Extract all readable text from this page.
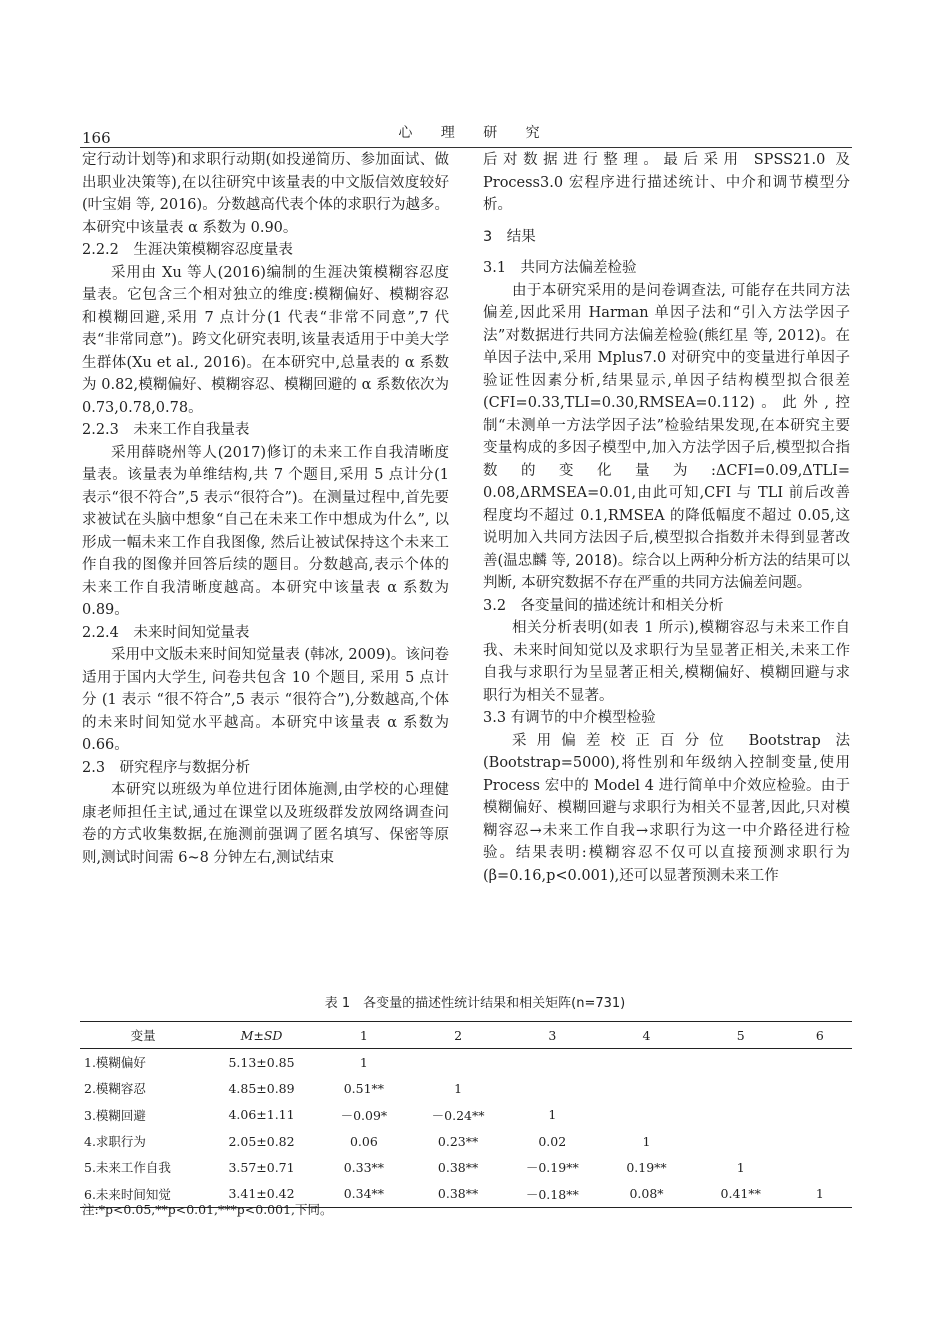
166	心 理 研 究

定行动计划等)和求职行动期(如投递简历、参加面试、做出职业决策等),在以往研究中该量表的中文版信效度较好(叶宝娟 等, 2016)。分数越高代表个体的求职行为越多。本研究中该量表 α 系数为 0.90。

2.2.2　生涯决策模糊容忍度量表

采用由 Xu 等人(2016)编制的生涯决策模糊容忍度量表。它包含三个相对独立的维度:模糊偏好、模糊容忍和模糊回避,采用 7 点计分(1 代表“非常不同意”,7 代表“非常同意”)。跨文化研究表明,该量表适用于中美大学生群体(Xu et al., 2016)。在本研究中,总量表的 α 系数为 0.82,模糊偏好、模糊容忍、模糊回避的 α 系数依次为 0.73,0.78,0.78。

2.2.3　未来工作自我量表

采用薛晓州等人(2017)修订的未来工作自我清晰度量表。该量表为单维结构,共 7 个题目,采用 5 点计分(1 表示“很不符合”,5 表示“很符合”)。在测量过程中,首先要求被试在头脑中想象“自己在未来工作中想成为什么”, 以形成一幅未来工作自我图像, 然后让被试保持这个未来工作自我的图像并回答后续的题目。分数越高,表示个体的未来工作自我清晰度越高。本研究中该量表 α 系数为 0.89。

2.2.4　未来时间知觉量表

采用中文版未来时间知觉量表 (韩冰, 2009)。该问卷适用于国内大学生, 问卷共包含 10 个题目, 采用 5 点计分 (1 表示 “很不符合”,5 表示 “很符合”),分数越高,个体的未来时间知觉水平越高。本研究中该量表 α 系数为 0.66。

2.3　研究程序与数据分析

本研究以班级为单位进行团体施测,由学校的心理健康老师担任主试,通过在课堂以及班级群发放网络调查问卷的方式收集数据,在施测前强调了匿名填写、保密等原则,测试时间需 6~8 分钟左右,测试结束

后对数据进行整理。最后采用 SPSS21.0 及 Process3.0 宏程序进行描述统计、中介和调节模型分析。

3　结果
3.1　共同方法偏差检验

由于本研究采用的是问卷调查法, 可能存在共同方法偏差,因此采用 Harman 单因子法和“引入方法学因子法”对数据进行共同方法偏差检验(熊红星 等, 2012)。在单因子法中,采用 Mplus7.0 对研究中的变量进行单因子验证性因素分析,结果显示,单因子结构模型拟合很差(CFI=0.33,TLI=0.30,RMSEA=0.112)。此外,控制“未测单一方法学因子法”检验结果发现,在本研究主要变量构成的多因子模型中,加入方法学因子后,模型拟合指数的变化量为:ΔCFI=0.09,ΔTLI= 0.08,ΔRMSEA=0.01,由此可知,CFI 与 TLI 前后改善程度均不超过 0.1,RMSEA 的降低幅度不超过 0.05,这说明加入共同方法因子后,模型拟合指数并未得到显著改善(温忠麟 等, 2018)。综合以上两种分析方法的结果可以判断, 本研究数据不存在严重的共同方法偏差问题。

3.2　各变量间的描述统计和相关分析

相关分析表明(如表 1 所示),模糊容忍与未来工作自我、未来时间知觉以及求职行为呈显著正相关,未来工作自我与求职行为呈显著正相关,模糊偏好、模糊回避与求职行为相关不显著。

3.3 有调节的中介模型检验

采用偏差校正百分位 Bootstrap 法 (Bootstrap=5000),将性别和年级纳入控制变量,使用 Process 宏中的 Model 4 进行简单中介效应检验。由于模糊偏好、模糊回避与求职行为相关不显著,因此,只对模糊容忍→未来工作自我→求职行为这一中介路径进行检验。结果表明:模糊容忍不仅可以直接预测求职行为(β=0.16,p<0.001),还可以显著预测未来工作

表 1　各变量的描述性统计结果和相关矩阵(n=731)
变量	M±SD	1	2	3	4	5	6
1.模糊偏好	5.13±0.85	1					
2.模糊容忍	4.85±0.89	0.51**	1				
3.模糊回避	4.06±1.11	－0.09*	－0.24**	1			
4.求职行为	2.05±0.82	0.06	0.23**	0.02	1		
5.未来工作自我	3.57±0.71	0.33**	0.38**	－0.19**	0.19**	1	
6.未来时间知觉	3.41±0.42	0.34**	0.38**	－0.18**	0.08*	0.41**	1
注:*p<0.05,**p<0.01,***p<0.001,下同。
